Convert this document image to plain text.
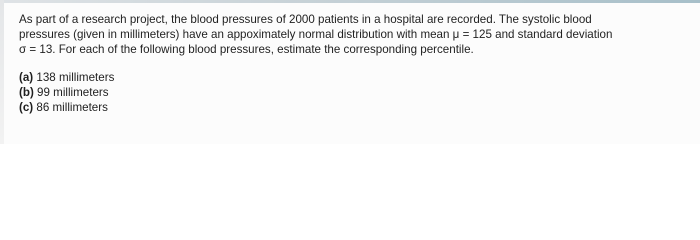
As part of a research project, the blood pressures of 2000 patients in a hospital are recorded. The systolic blood
pressures (given in millimeters) have an appoximately normal distribution with mean μ = 125 and standard deviation
σ = 13. For each of the following blood pressures, estimate the corresponding percentile.
(a) 138 millimeters
(b) 99 millimeters
(c) 86 millimeters
